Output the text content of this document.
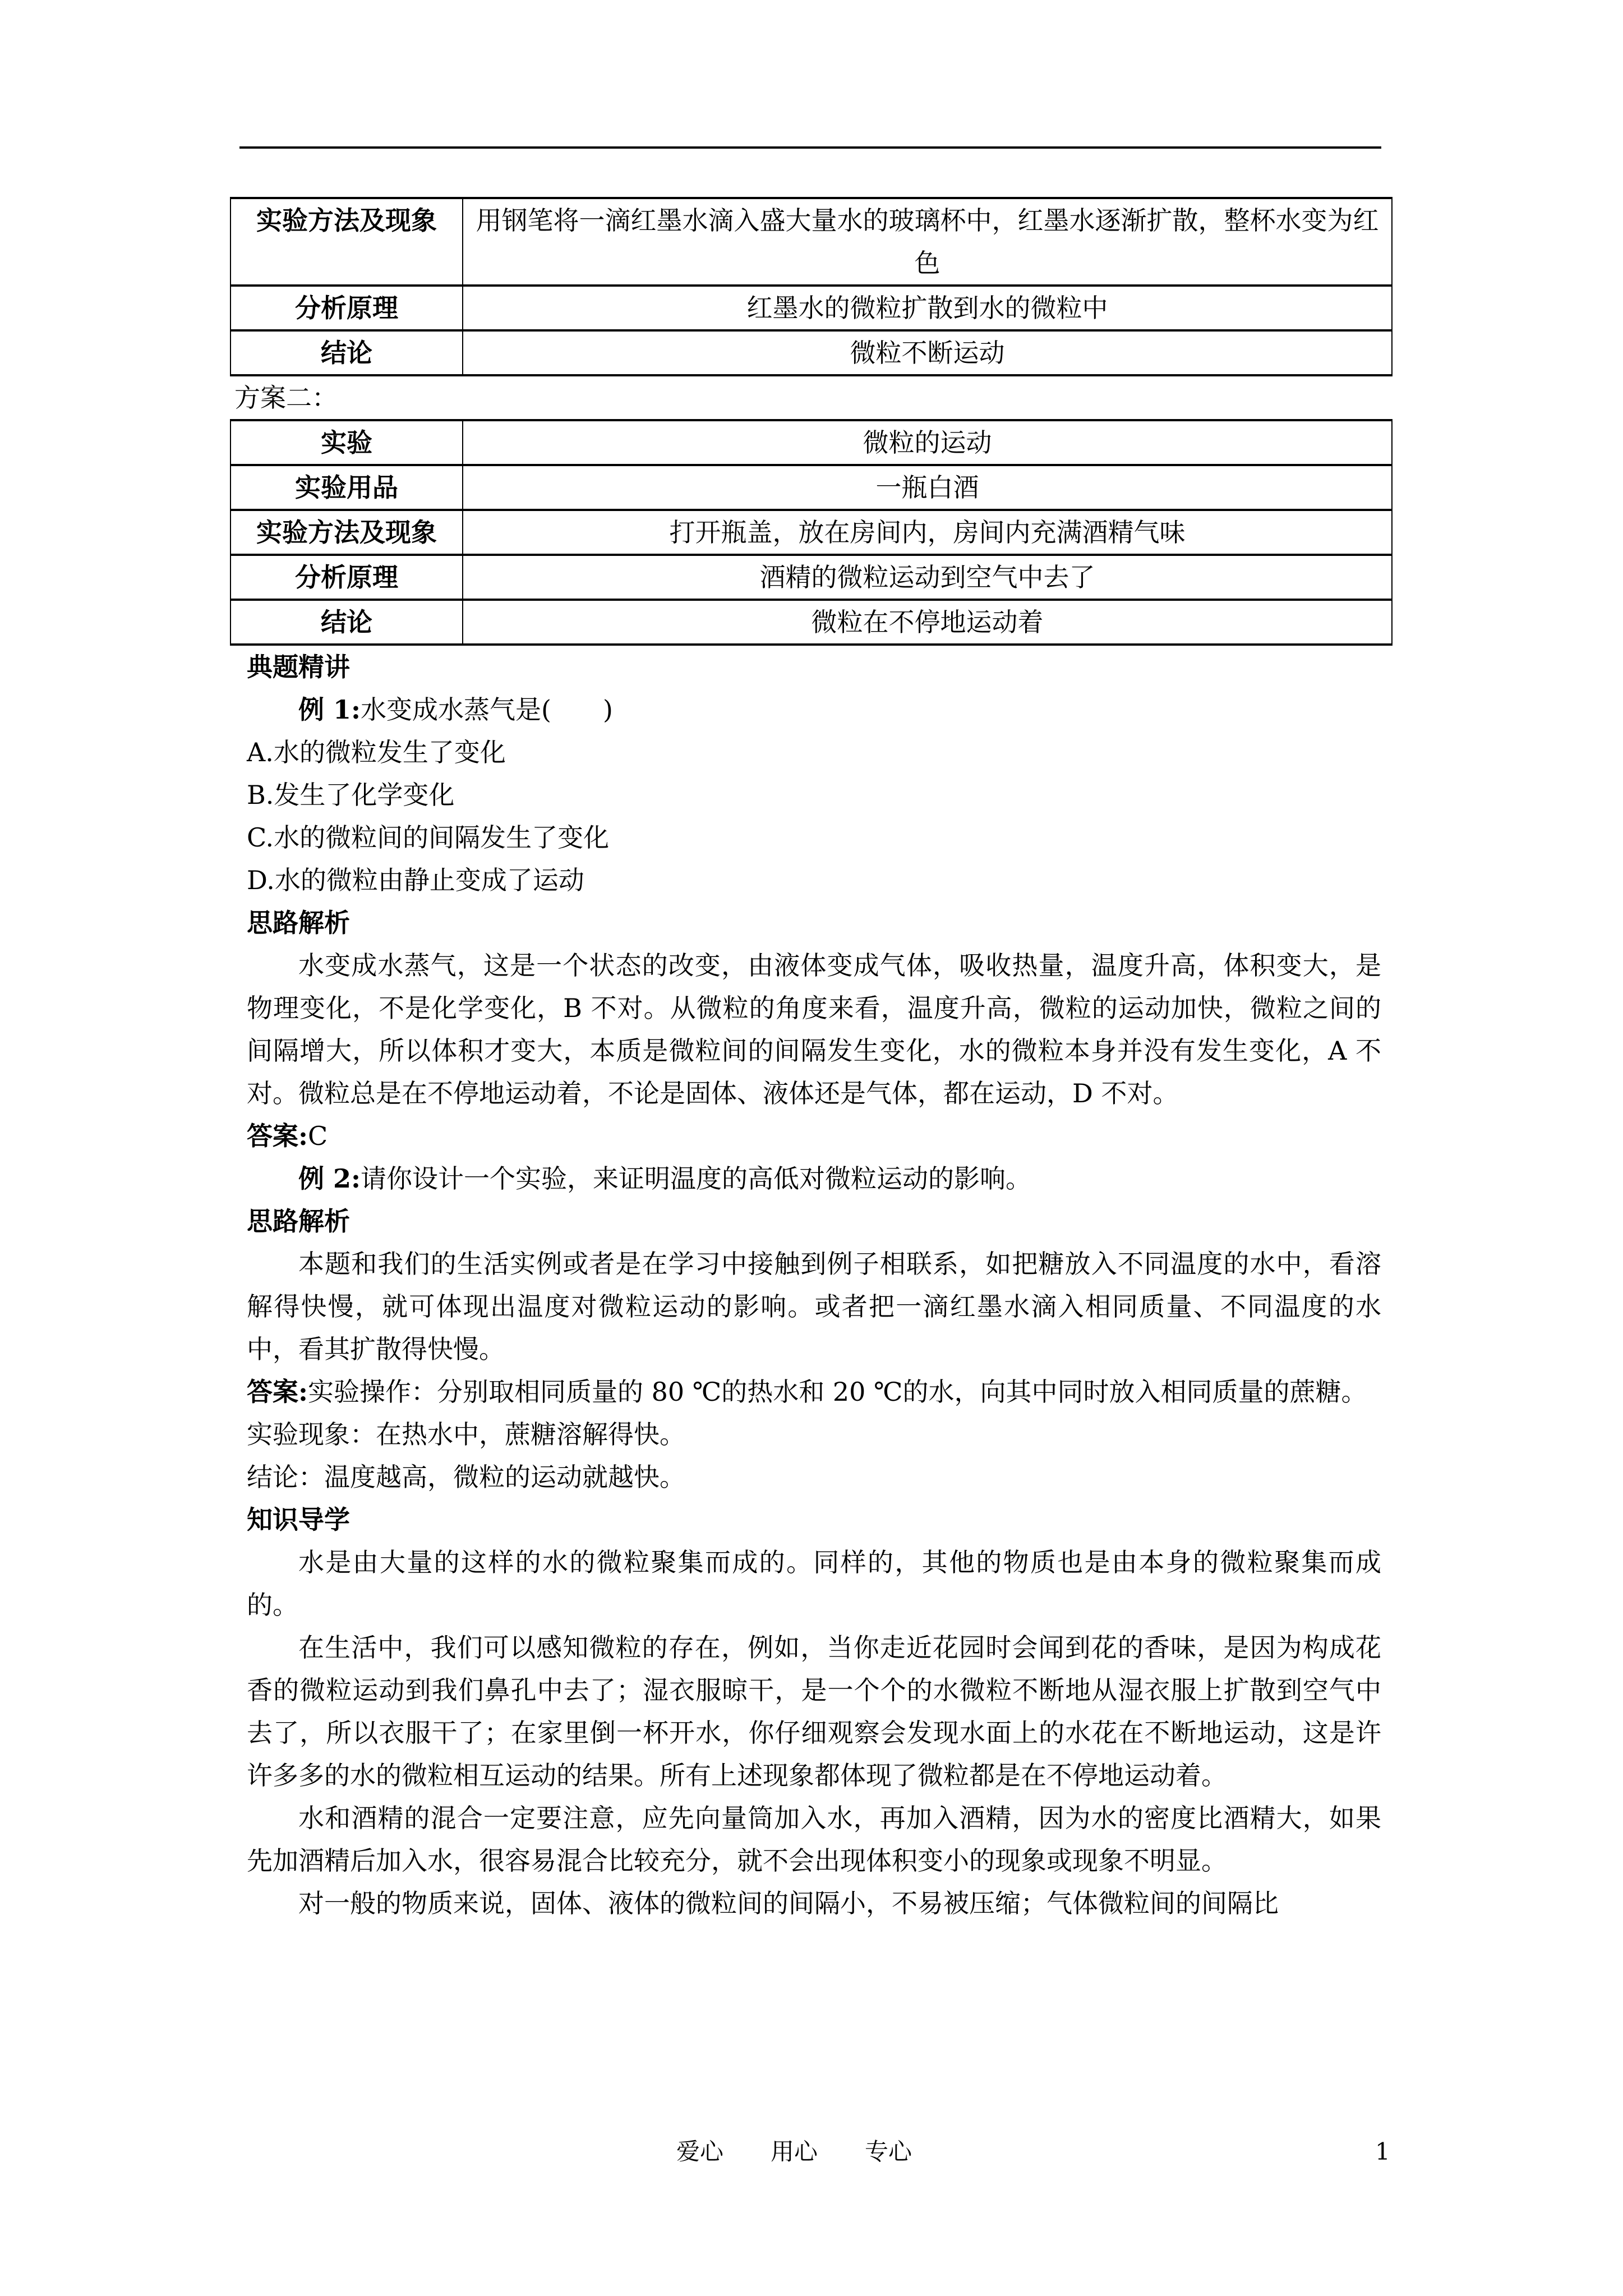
实验方法及现象	用钢笔将一滴红墨水滴入盛大量水的玻璃杯中，红墨水逐渐扩散，整杯水变为红色
分析原理	红墨水的微粒扩散到水的微粒中
结论	微粒不断运动

方案二：

实验	微粒的运动
实验用品	一瓶白酒
实验方法及现象	打开瓶盖，放在房间内，房间内充满酒精气味
分析原理	酒精的微粒运动到空气中去了
结论	微粒在不停地运动着

典题精讲

例 1:水变成水蒸气是(　　)

A.水的微粒发生了变化

B.发生了化学变化

C.水的微粒间的间隔发生了变化

D.水的微粒由静止变成了运动

思路解析

水变成水蒸气，这是一个状态的改变，由液体变成气体，吸收热量，温度升高，体积变大，是物理变化，不是化学变化，B 不对。从微粒的角度来看，温度升高，微粒的运动加快，微粒之间的间隔增大，所以体积才变大，本质是微粒间的间隔发生变化，水的微粒本身并没有发生变化，A 不对。微粒总是在不停地运动着，不论是固体、液体还是气体，都在运动，D 不对。

答案:C

例 2:请你设计一个实验，来证明温度的高低对微粒运动的影响。

思路解析

本题和我们的生活实例或者是在学习中接触到例子相联系，如把糖放入不同温度的水中，看溶解得快慢，就可体现出温度对微粒运动的影响。或者把一滴红墨水滴入相同质量、不同温度的水中，看其扩散得快慢。

答案:实验操作：分别取相同质量的 80 ℃的热水和 20 ℃的水，向其中同时放入相同质量的蔗糖。

实验现象：在热水中，蔗糖溶解得快。

结论：温度越高，微粒的运动就越快。

知识导学

水是由大量的这样的水的微粒聚集而成的。同样的，其他的物质也是由本身的微粒聚集而成的。

在生活中，我们可以感知微粒的存在，例如，当你走近花园时会闻到花的香味，是因为构成花香的微粒运动到我们鼻孔中去了；湿衣服晾干，是一个个的水微粒不断地从湿衣服上扩散到空气中去了，所以衣服干了；在家里倒一杯开水，你仔细观察会发现水面上的水花在不断地运动，这是许许多多的水的微粒相互运动的结果。所有上述现象都体现了微粒都是在不停地运动着。

水和酒精的混合一定要注意，应先向量筒加入水，再加入酒精，因为水的密度比酒精大，如果先加酒精后加入水，很容易混合比较充分，就不会出现体积变小的现象或现象不明显。

对一般的物质来说，固体、液体的微粒间的间隔小，不易被压缩；气体微粒间的间隔比

爱心　　用心　　专心	1
